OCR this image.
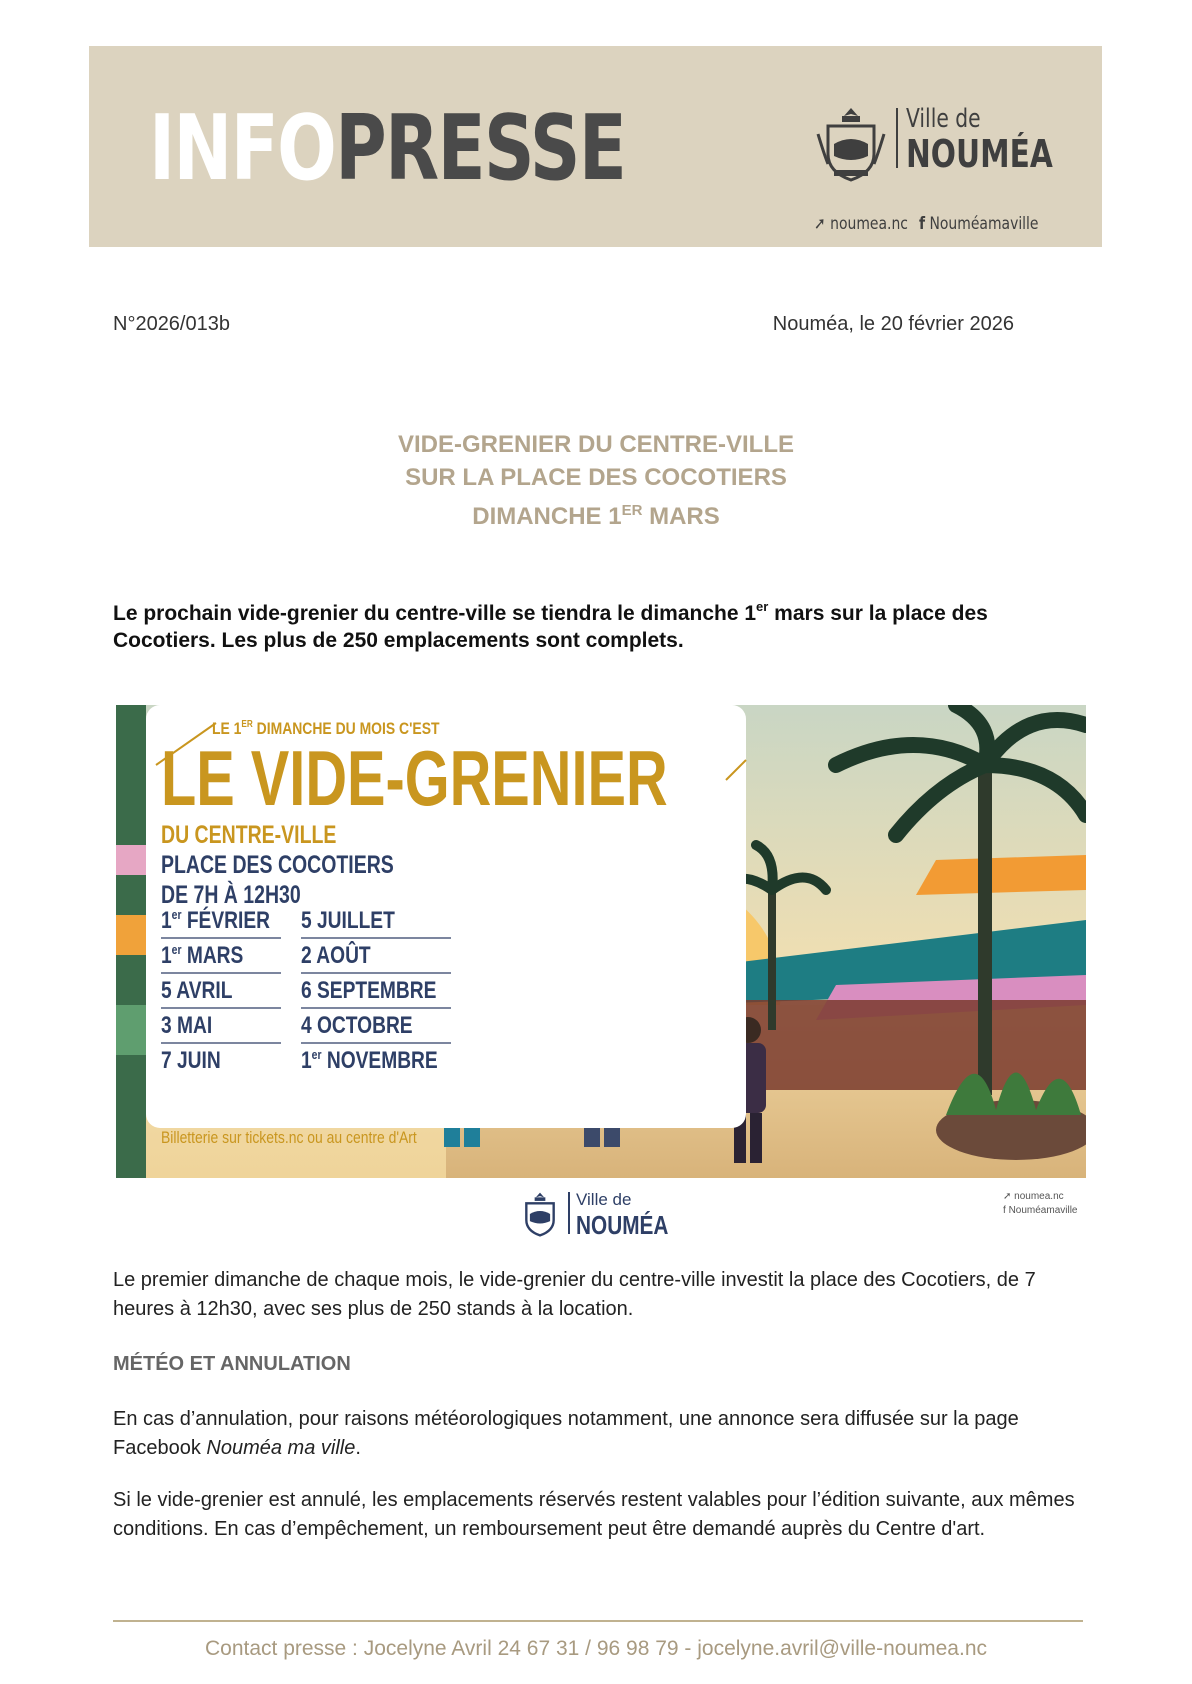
INFOPRESSE	Ville de
NOUMÉA
➚ noumea.nc f Nouméamaville
N°2026/013b	Nouméa, le 20 février 2026
VIDE-GRENIER DU CENTRE-VILLE
SUR LA PLACE DES COCOTIERS
DIMANCHE 1ER MARS
Le prochain vide-grenier du centre-ville se tiendra le dimanche 1er mars sur la place des Cocotiers. Les plus de 250 emplacements sont complets.
LE 1ER DIMANCHE DU MOIS C'EST
LE VIDE-GRENIER
DU CENTRE-VILLE
PLACE DES COCOTIERS
DE 7H À 12H30
1er FÉVRIER
1er MARS
5 AVRIL
3 MAI
7 JUIN
5 JUILLET
2 AOÛT
6 SEPTEMBRE
4 OCTOBRE
1er NOVEMBRE
Billetterie sur tickets.nc ou au centre d'Art
Ville de
NOUMÉA
➚ noumea.nc
f Nouméamaville
Le premier dimanche de chaque mois, le vide-grenier du centre-ville investit la place des Cocotiers, de 7 heures à 12h30, avec ses plus de 250 stands à la location.
MÉTÉO ET ANNULATION
En cas d’annulation, pour raisons météorologiques notamment, une annonce sera diffusée sur la page Facebook Nouméa ma ville.
Si le vide-grenier est annulé, les emplacements réservés restent valables pour l’édition suivante, aux mêmes conditions. En cas d’empêchement, un remboursement peut être demandé auprès du Centre d'art.
Contact presse : Jocelyne Avril 24 67 31 / 96 98 79 - jocelyne.avril@ville-noumea.nc
